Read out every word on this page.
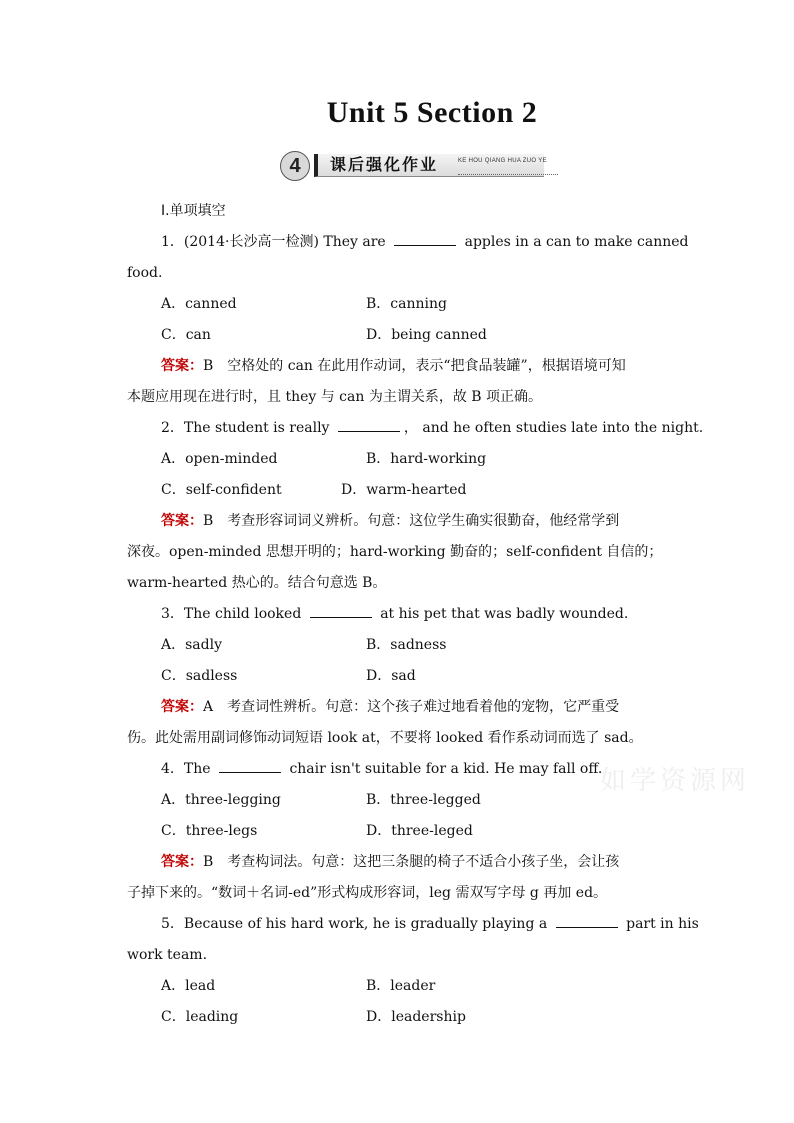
Unit 5 Section 2
4	课后强化作业	KE HOU QIANG HUA ZUO YE
Ⅰ.单项填空
1．(2014·长沙高一检测) They are	apples in a can to make canned
food.
A．canned	B．canning
C．can	D．being canned
答案：B　空格处的 can 在此用作动词，表示“把食品装罐”，根据语境可知
本题应用现在进行时，且 they 与 can 为主谓关系，故 B 项正确。
2．The student is really	， and he often studies late into the night.
A．open-minded	B．hard-working
C．self-confident	D．warm-hearted
答案：B　考查形容词词义辨析。句意：这位学生确实很勤奋，他经常学到
深夜。open-minded 思想开明的；hard-working 勤奋的；self-confident 自信的；
warm-hearted 热心的。结合句意选 B。
3．The child looked	at his pet that was badly wounded.
A．sadly	B．sadness
C．sadless	D．sad
答案：A　考查词性辨析。句意：这个孩子难过地看着他的宠物，它严重受
伤。此处需用副词修饰动词短语 look at，不要将 looked 看作系动词而选了 sad。
4．The	chair isn't suitable for a kid. He may fall off.
A．three-legging	B．three-legged
C．three-legs	D．three-leged
答案：B　考查构词法。句意：这把三条腿的椅子不适合小孩子坐，会让孩
子掉下来的。“数词＋名词-ed”形式构成形容词，leg 需双写字母 g 再加 ed。
5．Because of his hard work, he is gradually playing a	part in his
work team.
A．lead	B．leader
C．leading	D．leadership
如学资源网
